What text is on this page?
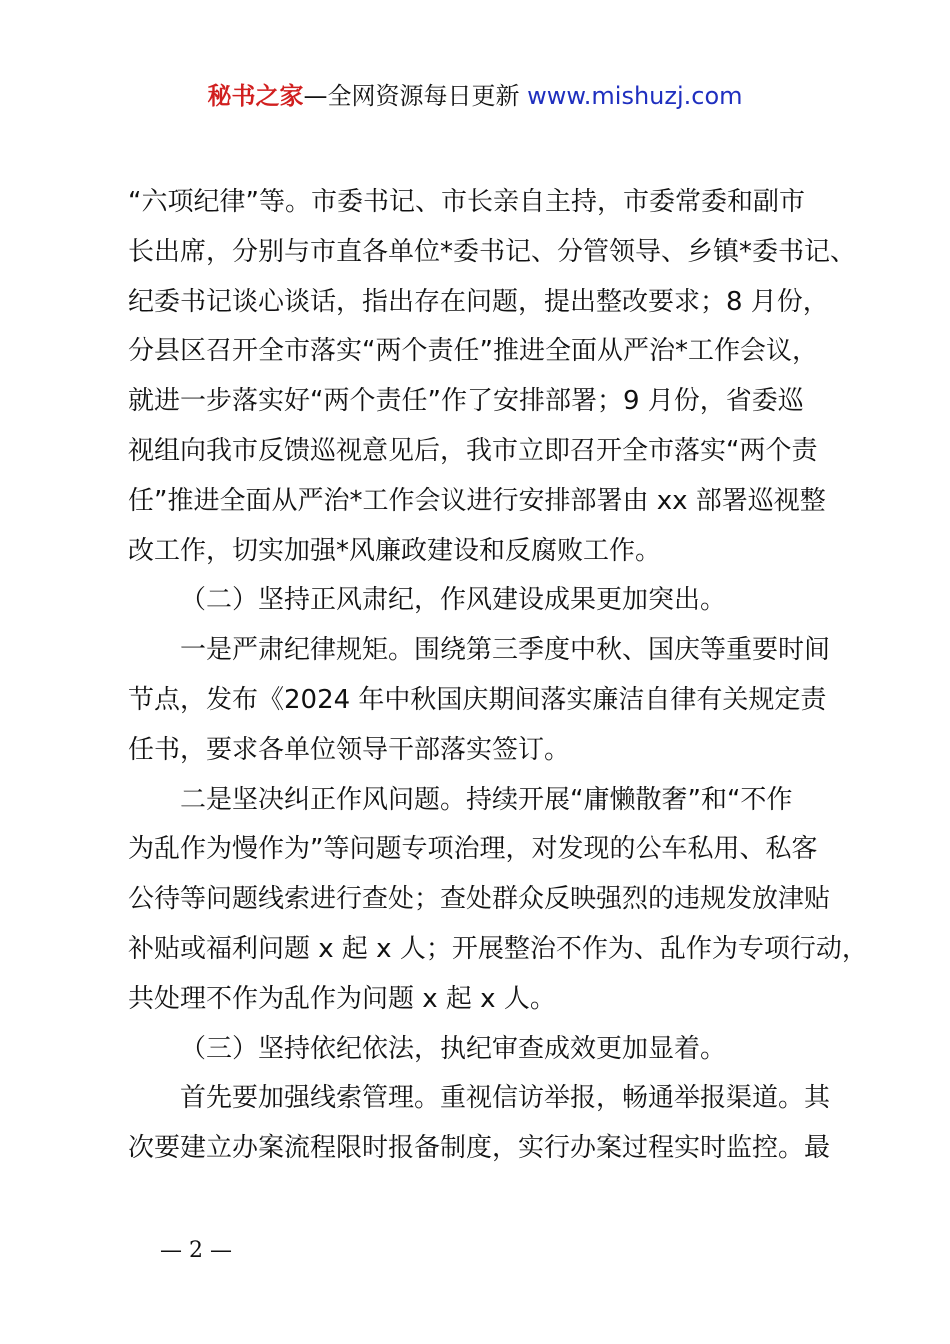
秘书之家—全网资源每日更新 www.mishuzj.com

“六项纪律”等。市委书记、市长亲自主持，市委常委和副市

长出席，分别与市直各单位*委书记、分管领导、乡镇*委书记、

纪委书记谈心谈话，指出存在问题，提出整改要求；8 月份，

分县区召开全市落实“两个责任”推进全面从严治*工作会议，

就进一步落实好“两个责任”作了安排部署；9 月份，省委巡

视组向我市反馈巡视意见后，我市立即召开全市落实“两个责

任”推进全面从严治*工作会议进行安排部署由 xx 部署巡视整

改工作，切实加强*风廉政建设和反腐败工作。

（二）坚持正风肃纪，作风建设成果更加突出。

一是严肃纪律规矩。围绕第三季度中秋、国庆等重要时间

节点，发布《2024 年中秋国庆期间落实廉洁自律有关规定责

任书，要求各单位领导干部落实签订。

二是坚决纠正作风问题。持续开展“庸懒散奢”和“不作

为乱作为慢作为”等问题专项治理，对发现的公车私用、私客

公待等问题线索进行查处；查处群众反映强烈的违规发放津贴

补贴或福利问题 x 起 x 人；开展整治不作为、乱作为专项行动，

共处理不作为乱作为问题 x 起 x 人。

（三）坚持依纪依法，执纪审查成效更加显着。

首先要加强线索管理。重视信访举报，畅通举报渠道。其

次要建立办案流程限时报备制度，实行办案过程实时监控。最

— 2 —
